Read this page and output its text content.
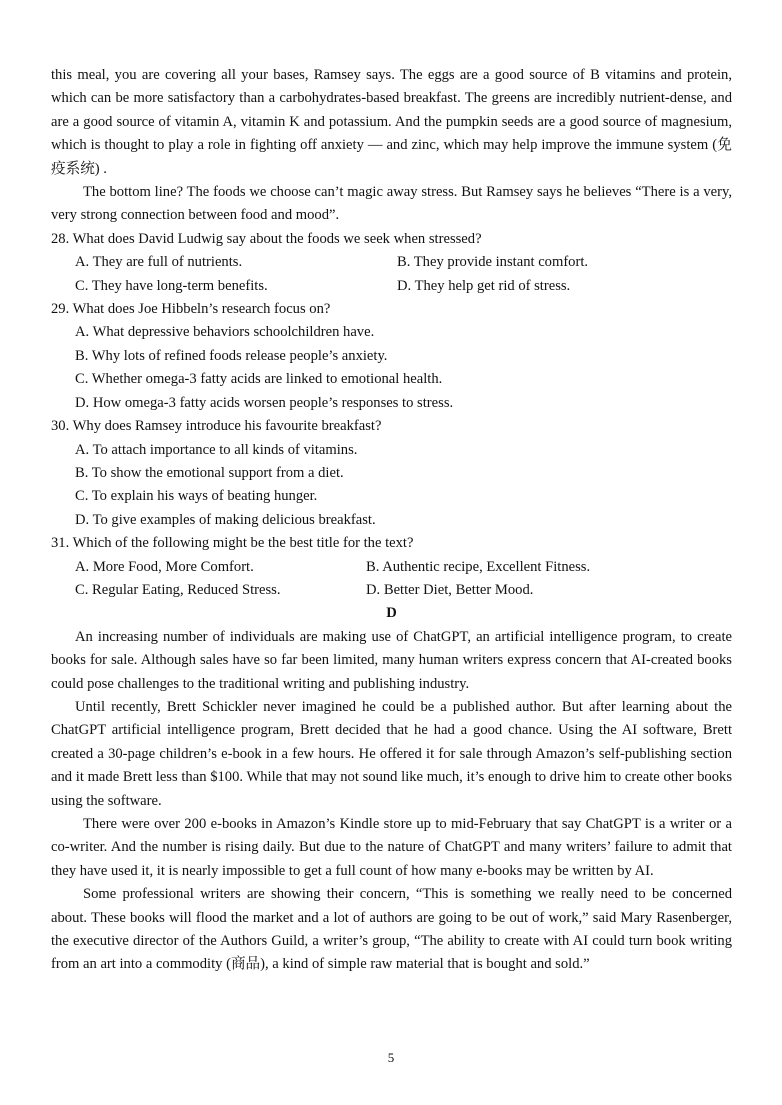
this meal, you are covering all your bases, Ramsey says. The eggs are a good source of B vitamins and protein, which can be more satisfactory than a carbohydrates-based breakfast. The greens are incredibly nutrient-dense, and are a good source of vitamin A, vitamin K and potassium. And the pumpkin seeds are a good source of magnesium, which is thought to play a role in fighting off anxiety — and zinc, which may help improve the immune system (免疫系统) .

The bottom line? The foods we choose can’t magic away stress. But Ramsey says he believes “There is a very, very strong connection between food and mood”.

28. What does David Ludwig say about the foods we seek when stressed?

A. They are full of nutrients.	B. They provide instant comfort.
C. They have long-term benefits.	D. They help get rid of stress.

29. What does Joe Hibbeln’s research focus on?

A. What depressive behaviors schoolchildren have.

B. Why lots of refined foods release people’s anxiety.

C. Whether omega-3 fatty acids are linked to emotional health.

D. How omega-3 fatty acids worsen people’s responses to stress.

30. Why does Ramsey introduce his favourite breakfast?

A. To attach importance to all kinds of vitamins.

B. To show the emotional support from a diet.

C. To explain his ways of beating hunger.

D. To give examples of making delicious breakfast.

31. Which of the following might be the best title for the text?

A. More Food, More Comfort.	B. Authentic recipe, Excellent Fitness.
C. Regular Eating, Reduced Stress.	D. Better Diet, Better Mood.

D

An increasing number of individuals are making use of ChatGPT, an artificial intelligence program, to create books for sale. Although sales have so far been limited, many human writers express concern that AI-created books could pose challenges to the traditional writing and publishing industry.

Until recently, Brett Schickler never imagined he could be a published author. But after learning about the ChatGPT artificial intelligence program, Brett decided that he had a good chance. Using the AI software, Brett created a 30-page children’s e-book in a few hours. He offered it for sale through Amazon’s self-publishing section and it made Brett less than $100. While that may not sound like much, it’s enough to drive him to create other books using the software.

There were over 200 e-books in Amazon’s Kindle store up to mid-February that say ChatGPT is a writer or a co-writer. And the number is rising daily. But due to the nature of ChatGPT and many writers’ failure to admit that they have used it, it is nearly impossible to get a full count of how many e-books may be written by AI.

Some professional writers are showing their concern, “This is something we really need to be concerned about. These books will flood the market and a lot of authors are going to be out of work,” said Mary Rasenberger, the executive director of the Authors Guild, a writer’s group, “The ability to create with AI could turn book writing from an art into a commodity (商品), a kind of simple raw material that is bought and sold.”

5
